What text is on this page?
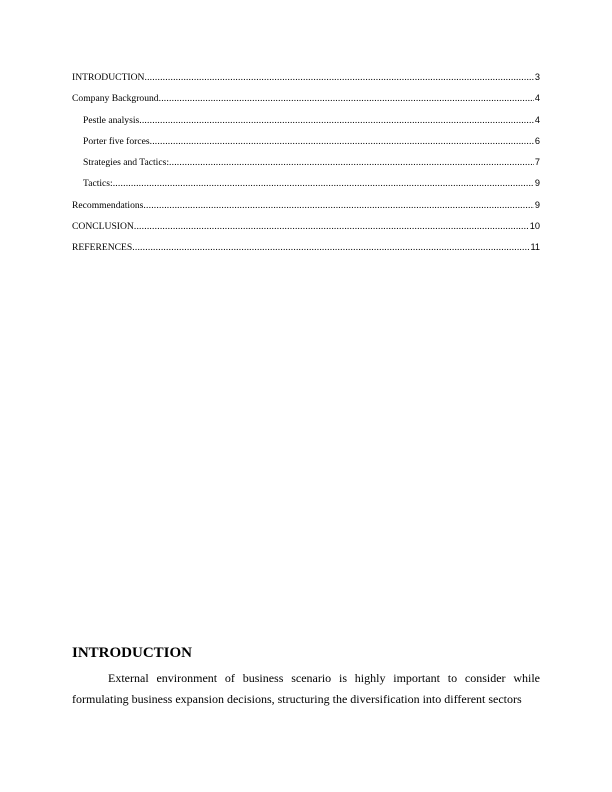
INTRODUCTION .....	3
Company Background .....	4
Pestle analysis .....	4
Porter five forces .....	6
Strategies and Tactics: .....	7
Tactics: .....	9
Recommendations .....	9
CONCLUSION .....	10
REFERENCES .....	11
INTRODUCTION

External environment of business scenario is highly important to consider while formulating business expansion decisions, structuring the diversification into different sectors
